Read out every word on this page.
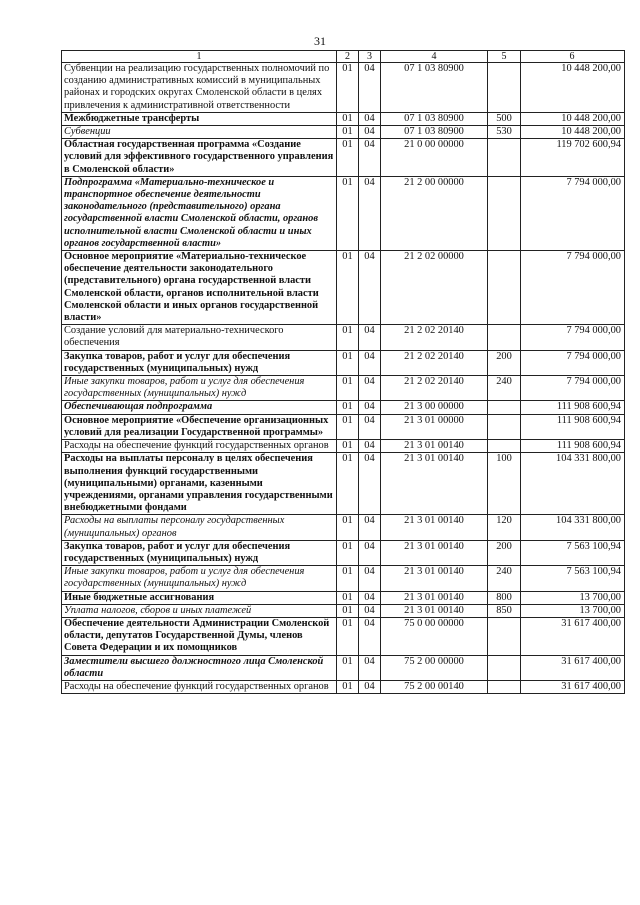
31
1	2	3	4	5	6
Субвенции на реализацию государственных полномочий по созданию административных комиссий в муниципальных районах и городских округах Смоленской области в целях привлечения к административной ответственности	01	04	07 1 03 80900		10 448 200,00
Межбюджетные трансферты	01	04	07 1 03 80900	500	10 448 200,00
Субвенции	01	04	07 1 03 80900	530	10 448 200,00
Областная государственная программа «Создание условий для эффективного государственного управления в Смоленской области»	01	04	21 0 00 00000		119 702 600,94
Подпрограмма «Материально-техническое и транспортное обеспечение деятельности законодательного (представительного) органа государственной власти Смоленской области, органов исполнительной власти Смоленской области и иных органов государственной власти»	01	04	21 2 00 00000		7 794 000,00
Основное мероприятие «Материально-техническое обеспечение деятельности законодательного (представительного) органа государственной власти Смоленской области, органов исполнительной власти Смоленской области и иных органов государственной власти»	01	04	21 2 02 00000		7 794 000,00
Создание условий для материально-технического обеспечения	01	04	21 2 02 20140		7 794 000,00
Закупка товаров, работ и услуг для обеспечения государственных (муниципальных) нужд	01	04	21 2 02 20140	200	7 794 000,00
Иные закупки товаров, работ и услуг для обеспечения государственных (муниципальных) нужд	01	04	21 2 02 20140	240	7 794 000,00
Обеспечивающая подпрограмма	01	04	21 3 00 00000		111 908 600,94
Основное мероприятие «Обеспечение организационных условий для реализации Государственной программы»	01	04	21 3 01 00000		111 908 600,94
Расходы на обеспечение функций государственных органов	01	04	21 3 01 00140		111 908 600,94
Расходы на выплаты персоналу в целях обеспечения выполнения функций государственными (муниципальными) органами, казенными учреждениями, органами управления государственными внебюджетными фондами	01	04	21 3 01 00140	100	104 331 800,00
Расходы на выплаты персоналу государственных (муниципальных) органов	01	04	21 3 01 00140	120	104 331 800,00
Закупка товаров, работ и услуг для обеспечения государственных (муниципальных) нужд	01	04	21 3 01 00140	200	7 563 100,94
Иные закупки товаров, работ и услуг для обеспечения государственных (муниципальных) нужд	01	04	21 3 01 00140	240	7 563 100,94
Иные бюджетные ассигнования	01	04	21 3 01 00140	800	13 700,00
Уплата налогов, сборов и иных платежей	01	04	21 3 01 00140	850	13 700,00
Обеспечение деятельности Администрации Смоленской области, депутатов Государственной Думы, членов Совета Федерации и их помощников	01	04	75 0 00 00000		31 617 400,00
Заместители высшего должностного лица Смоленской области	01	04	75 2 00 00000		31 617 400,00
Расходы на обеспечение функций государственных органов	01	04	75 2 00 00140		31 617 400,00
